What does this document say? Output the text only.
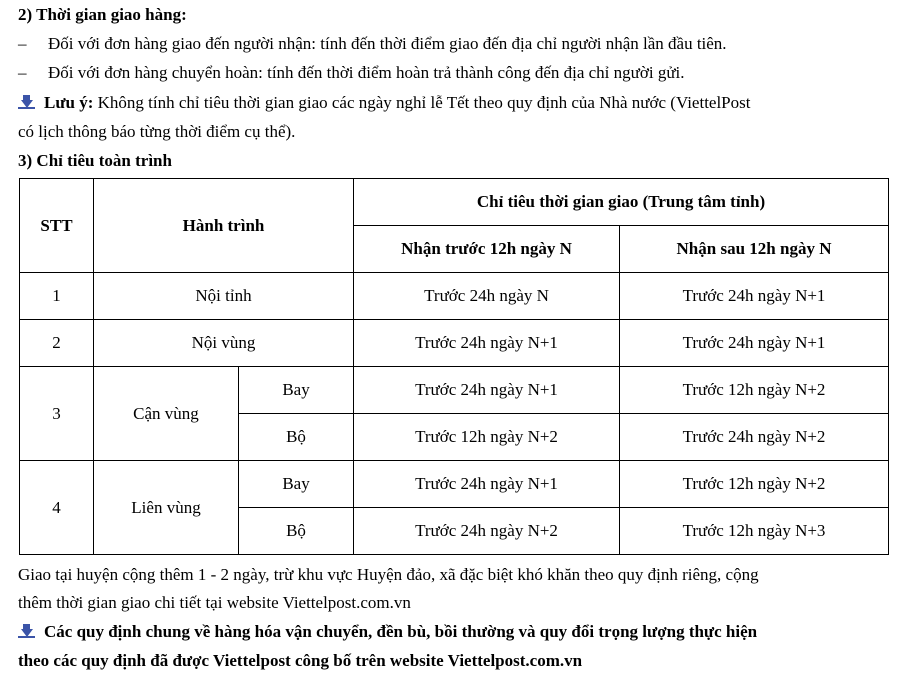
2) Thời gian giao hàng:
– Đối với đơn hàng giao đến người nhận: tính đến thời điểm giao đến địa chỉ người nhận lần đầu tiên.
– Đối với đơn hàng chuyển hoàn: tính đến thời điểm hoàn trả thành công đến địa chỉ người gửi.
Lưu ý: Không tính chỉ tiêu thời gian giao các ngày nghỉ lễ Tết theo quy định của Nhà nước (ViettelPost
có lịch thông báo từng thời điểm cụ thể).
3) Chỉ tiêu toàn trình
STT	Hành trình		Chỉ tiêu thời gian giao (Trung tâm tỉnh)	
			Nhận trước 12h ngày N	Nhận sau 12h ngày N
1	Nội tỉnh		Trước 24h ngày N	Trước 24h ngày N+1
2	Nội vùng		Trước 24h ngày N+1	Trước 24h ngày N+1
3	Cận vùng	Bay	Trước 24h ngày N+1	Trước 12h ngày N+2
		Bộ	Trước 12h ngày N+2	Trước 24h ngày N+2
4	Liên vùng	Bay	Trước 24h ngày N+1	Trước 12h ngày N+2
		Bộ	Trước 24h ngày N+2	Trước 12h ngày N+3
Giao tại huyện cộng thêm 1 - 2 ngày, trừ khu vực Huyện đảo, xã đặc biệt khó khăn theo quy định riêng, cộng
thêm thời gian giao chi tiết tại website Viettelpost.com.vn
Các quy định chung về hàng hóa vận chuyển, đền bù, bồi thường và quy đổi trọng lượng thực hiện
theo các quy định đã được Viettelpost công bố trên website Viettelpost.com.vn
